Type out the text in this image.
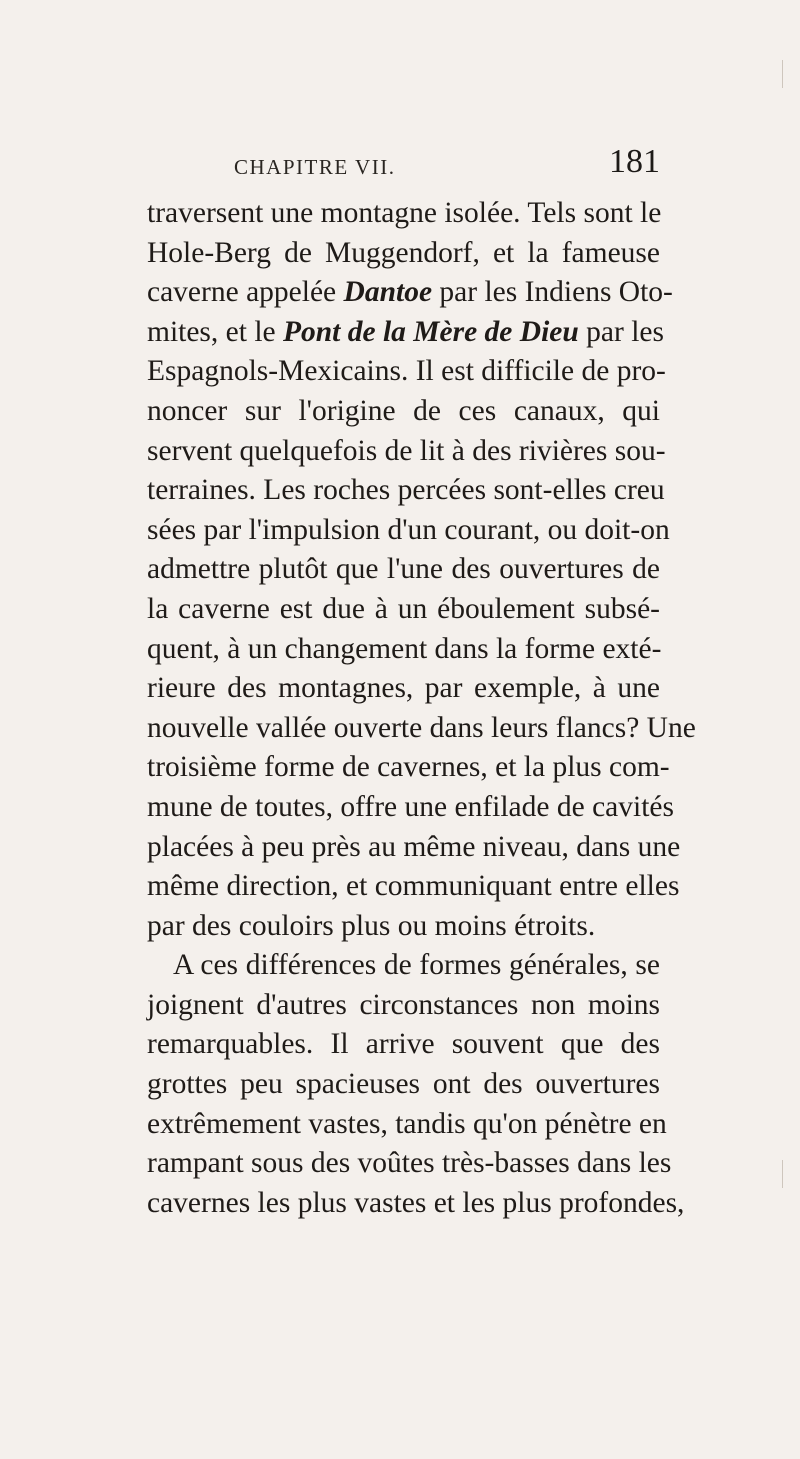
CHAPITRE VII.	181
traversent une montagne isolée. Tels sont le
Hole-Berg de Muggendorf, et la fameuse
caverne appelée Dantoe par les Indiens Oto-
mites, et le Pont de la Mère de Dieu par les
Espagnols-Mexicains. Il est difficile de pro-
noncer sur l'origine de ces canaux, qui
servent quelquefois de lit à des rivières sou-
terraines. Les roches percées sont-elles creu
sées par l'impulsion d'un courant, ou doit-on
admettre plutôt que l'une des ouvertures de
la caverne est due à un éboulement subsé-
quent, à un changement dans la forme exté-
rieure des montagnes, par exemple, à une
nouvelle vallée ouverte dans leurs flancs? Une
troisième forme de cavernes, et la plus com-
mune de toutes, offre une enfilade de cavités
placées à peu près au même niveau, dans une
même direction, et communiquant entre elles
par des couloirs plus ou moins étroits.
A ces différences de formes générales, se
joignent d'autres circonstances non moins
remarquables. Il arrive souvent que des
grottes peu spacieuses ont des ouvertures
extrêmement vastes, tandis qu'on pénètre en
rampant sous des voûtes très-basses dans les
cavernes les plus vastes et les plus profondes,
